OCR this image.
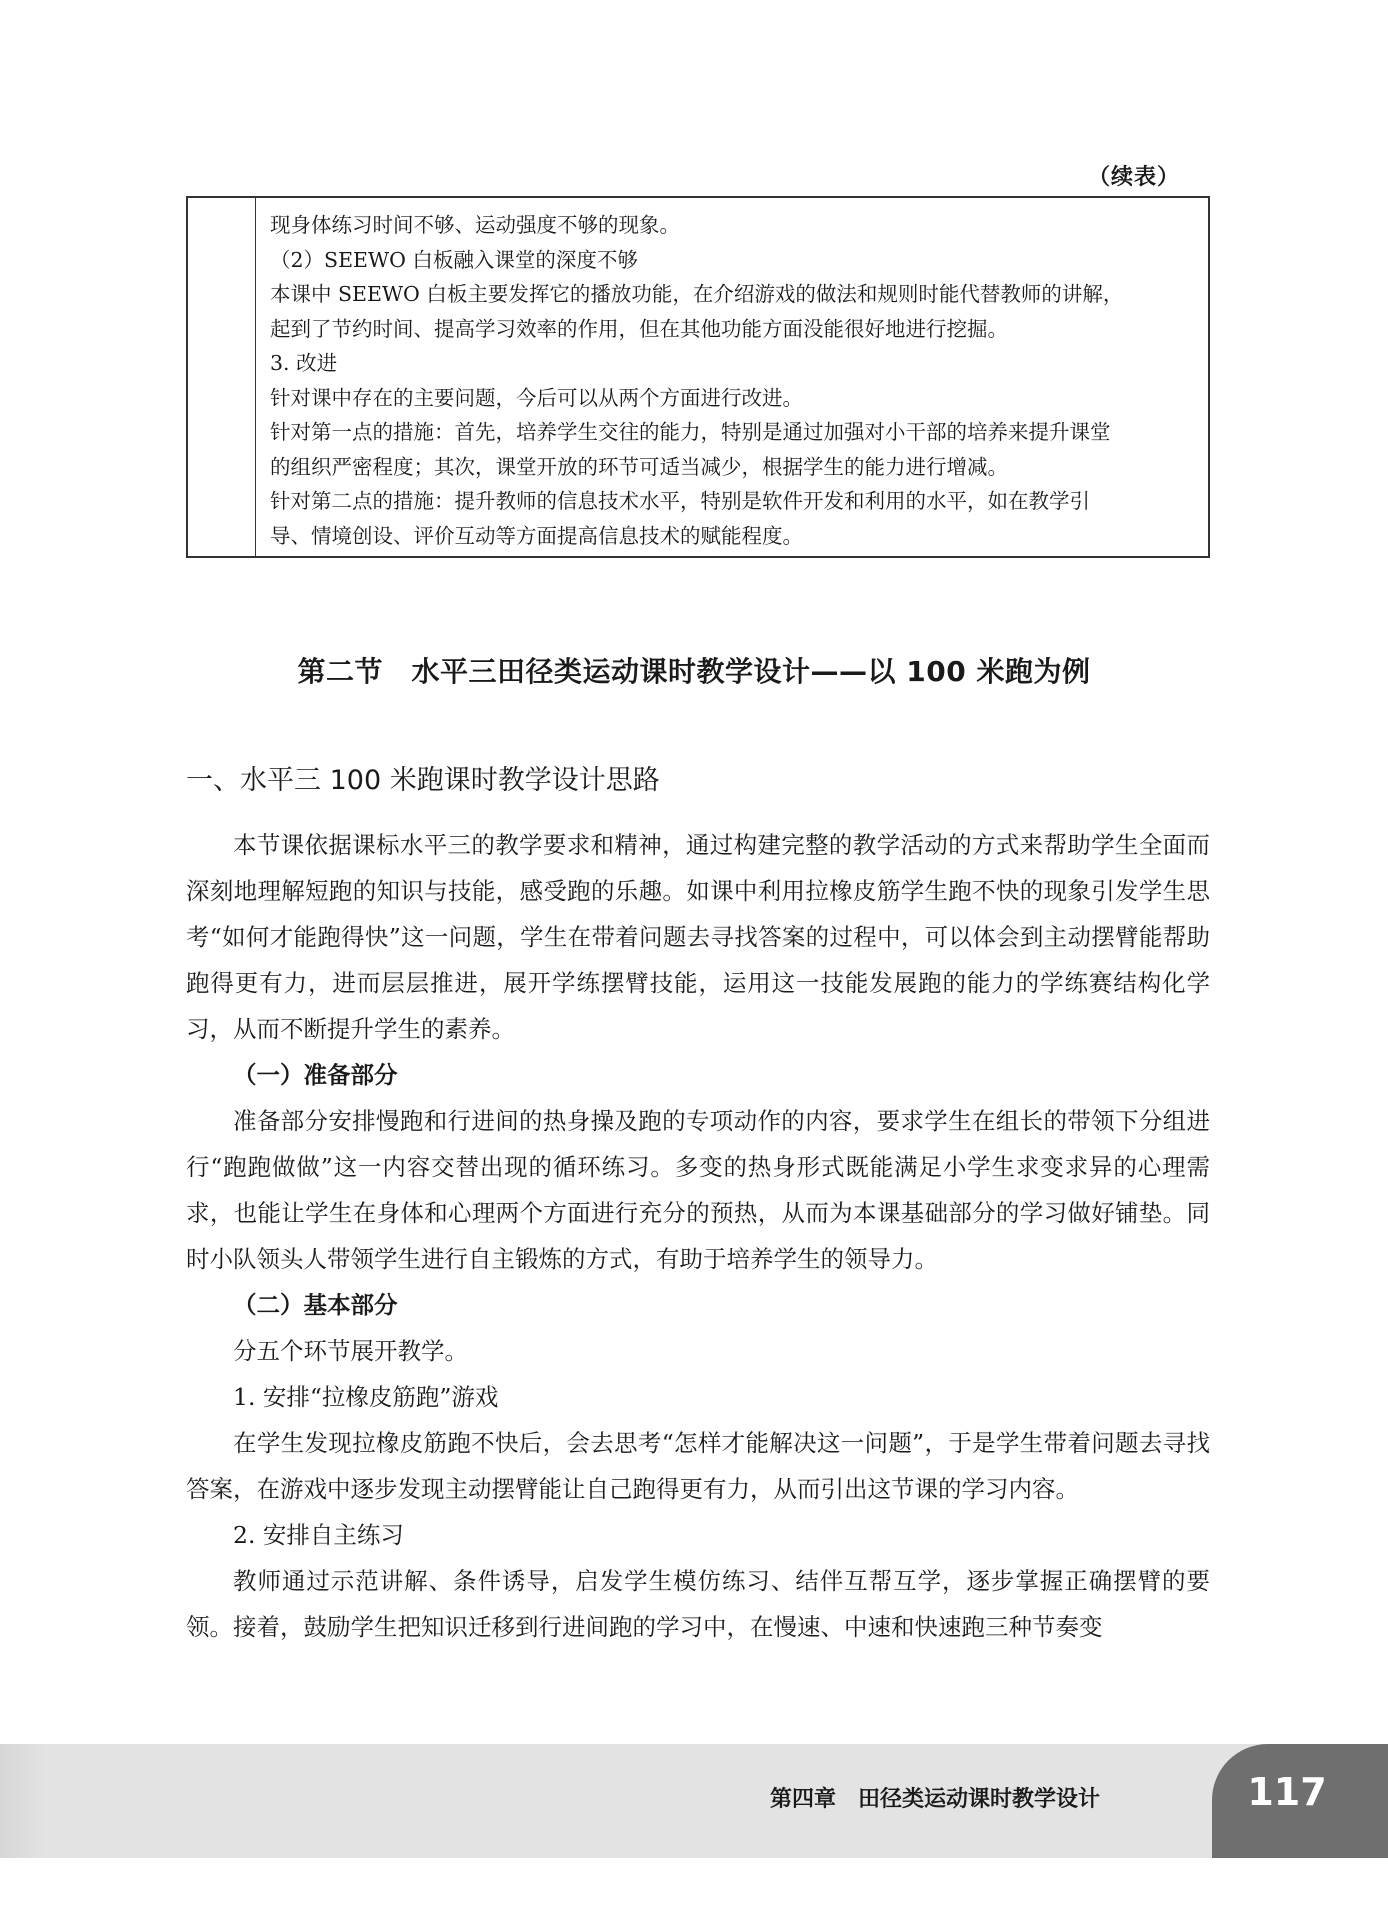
（续表）

现身体练习时间不够、运动强度不够的现象。

（2）SEEWO 白板融入课堂的深度不够

本课中 SEEWO 白板主要发挥它的播放功能，在介绍游戏的做法和规则时能代替教师的讲解，

起到了节约时间、提高学习效率的作用，但在其他功能方面没能很好地进行挖掘。

3. 改进

针对课中存在的主要问题，今后可以从两个方面进行改进。

针对第一点的措施：首先，培养学生交往的能力，特别是通过加强对小干部的培养来提升课堂

的组织严密程度；其次，课堂开放的环节可适当减少，根据学生的能力进行增减。

针对第二点的措施：提升教师的信息技术水平，特别是软件开发和利用的水平，如在教学引

导、情境创设、评价互动等方面提高信息技术的赋能程度。

第二节　水平三田径类运动课时教学设计——以 100 米跑为例
一、水平三 100 米跑课时教学设计思路

本节课依据课标水平三的教学要求和精神，通过构建完整的教学活动的方式来帮助学生全面而深刻地理解短跑的知识与技能，感受跑的乐趣。如课中利用拉橡皮筋学生跑不快的现象引发学生思考“如何才能跑得快”这一问题，学生在带着问题去寻找答案的过程中，可以体会到主动摆臂能帮助跑得更有力，进而层层推进，展开学练摆臂技能，运用这一技能发展跑的能力的学练赛结构化学习，从而不断提升学生的素养。

（一）准备部分

准备部分安排慢跑和行进间的热身操及跑的专项动作的内容，要求学生在组长的带领下分组进行“跑跑做做”这一内容交替出现的循环练习。多变的热身形式既能满足小学生求变求异的心理需求，也能让学生在身体和心理两个方面进行充分的预热，从而为本课基础部分的学习做好铺垫。同时小队领头人带领学生进行自主锻炼的方式，有助于培养学生的领导力。

（二）基本部分

分五个环节展开教学。

1. 安排“拉橡皮筋跑”游戏

在学生发现拉橡皮筋跑不快后，会去思考“怎样才能解决这一问题”，于是学生带着问题去寻找答案，在游戏中逐步发现主动摆臂能让自己跑得更有力，从而引出这节课的学习内容。

2. 安排自主练习

教师通过示范讲解、条件诱导，启发学生模仿练习、结伴互帮互学，逐步掌握正确摆臂的要领。接着，鼓励学生把知识迁移到行进间跑的学习中，在慢速、中速和快速跑三种节奏变

第四章　田径类运动课时教学设计	117
